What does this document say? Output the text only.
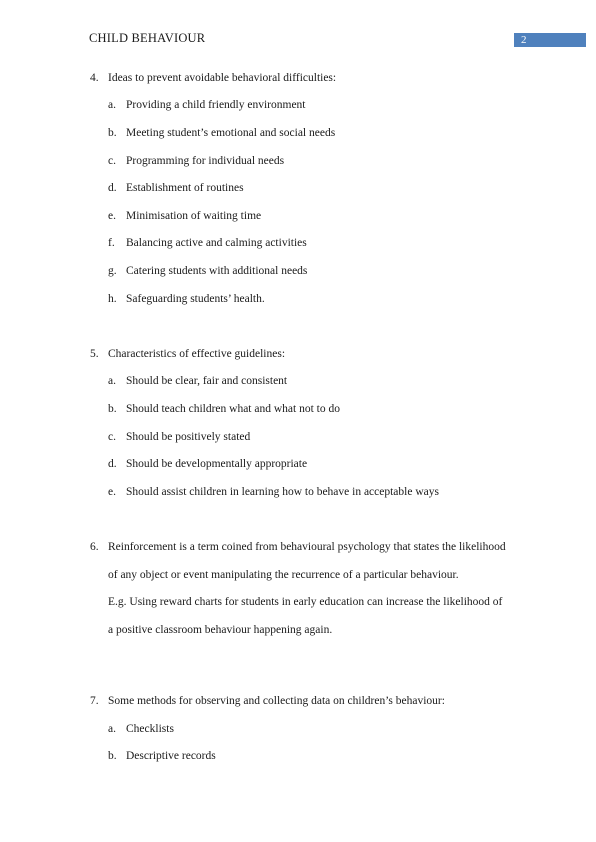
CHILD BEHAVIOUR	2
4. Ideas to prevent avoidable behavioral difficulties:
a. Providing a child friendly environment
b. Meeting student’s emotional and social needs
c. Programming for individual needs
d. Establishment of routines
e. Minimisation of waiting time
f. Balancing active and calming activities
g. Catering students with additional needs
h. Safeguarding students’ health.
5. Characteristics of effective guidelines:
a. Should be clear, fair and consistent
b. Should teach children what and what not to do
c. Should be positively stated
d. Should be developmentally appropriate
e. Should assist children in learning how to behave in acceptable ways
6. Reinforcement is a term coined from behavioural psychology that states the likelihood
of any object or event manipulating the recurrence of a particular behaviour.
E.g. Using reward charts for students in early education can increase the likelihood of
a positive classroom behaviour happening again.
7. Some methods for observing and collecting data on children’s behaviour:
a. Checklists
b. Descriptive records
